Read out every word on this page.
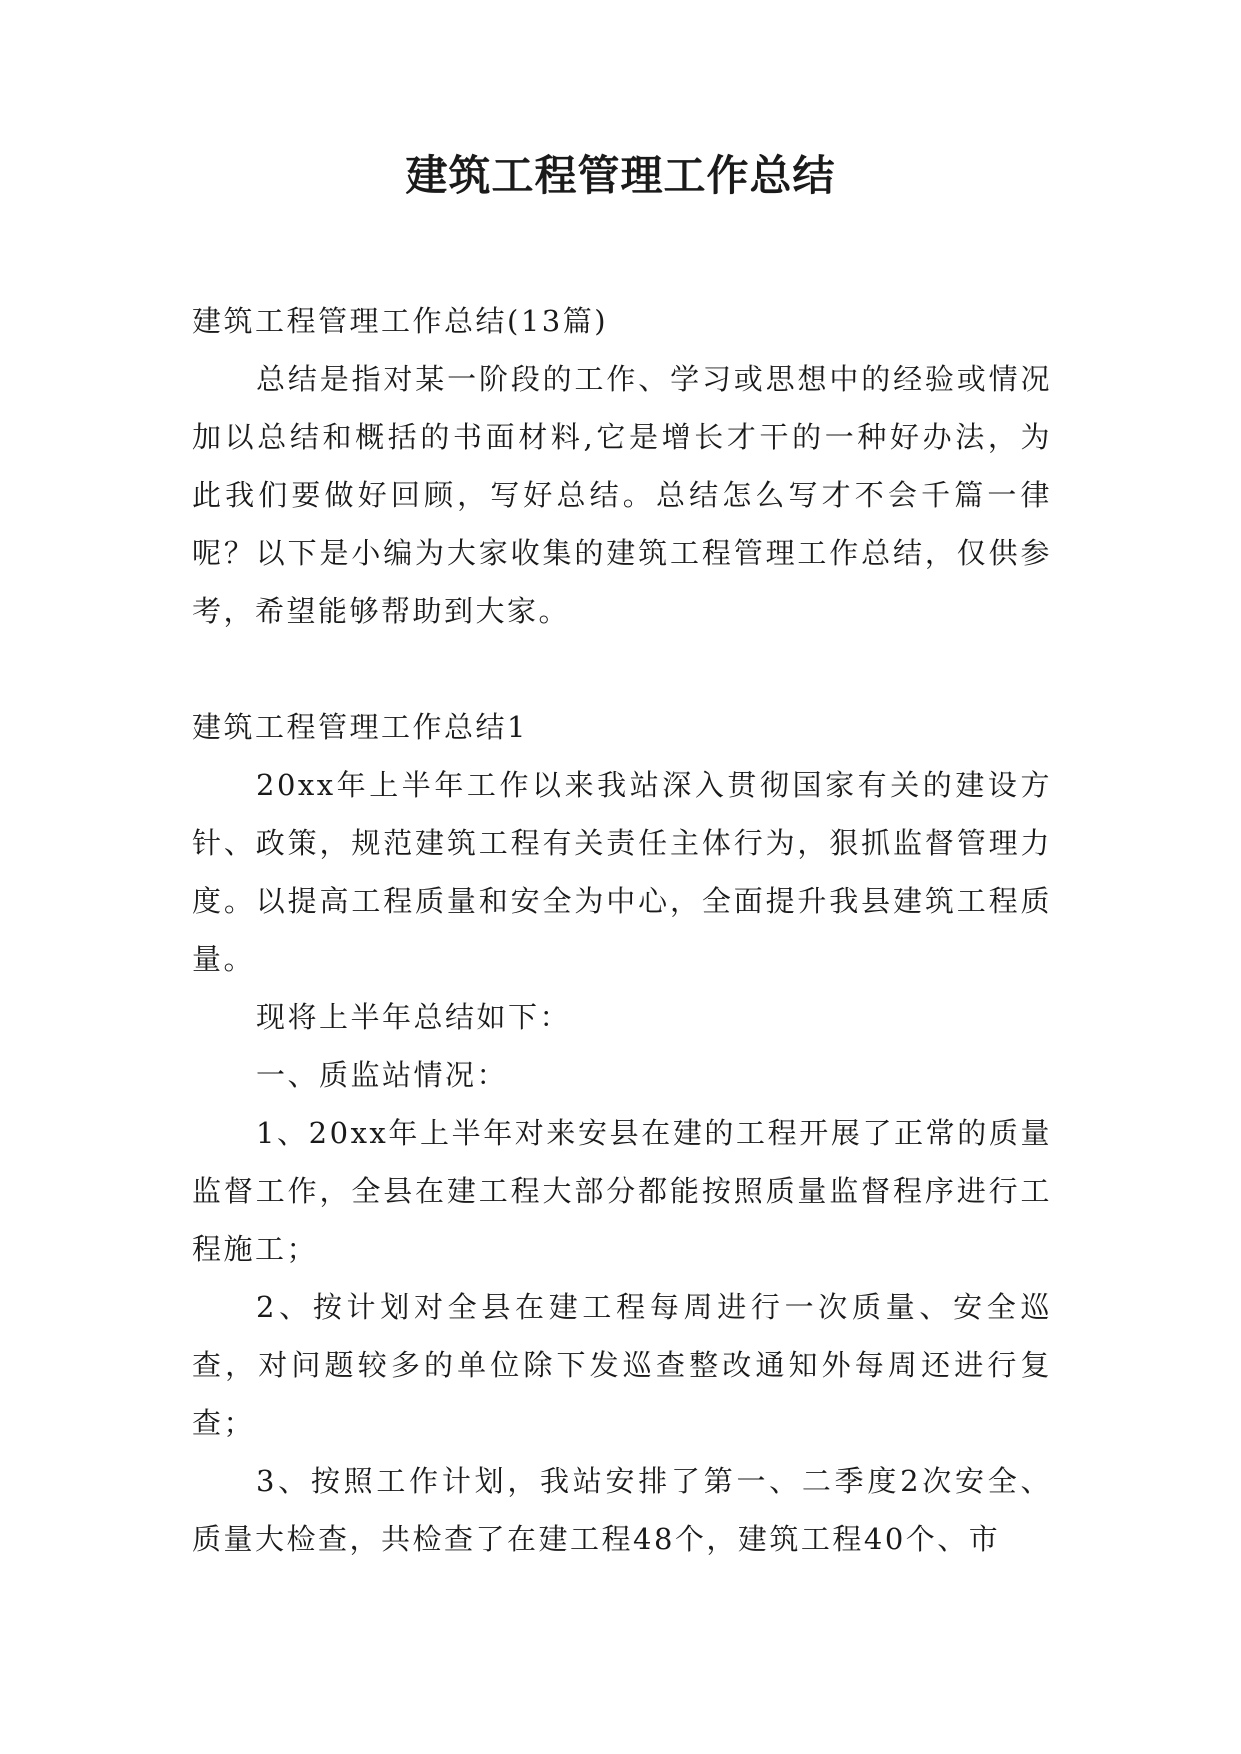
建筑工程管理工作总结

建筑工程管理工作总结(13篇)

总结是指对某一阶段的工作、学习或思想中的经验或情况加以总结和概括的书面材料,它是增长才干的一种好办法，为此我们要做好回顾，写好总结。总结怎么写才不会千篇一律呢？以下是小编为大家收集的建筑工程管理工作总结，仅供参考，希望能够帮助到大家。

建筑工程管理工作总结1

20xx年上半年工作以来我站深入贯彻国家有关的建设方针、政策，规范建筑工程有关责任主体行为，狠抓监督管理力度。以提高工程质量和安全为中心，全面提升我县建筑工程质量。

现将上半年总结如下：

一、质监站情况：

1、20xx年上半年对来安县在建的工程开展了正常的质量监督工作，全县在建工程大部分都能按照质量监督程序进行工程施工；

2、按计划对全县在建工程每周进行一次质量、安全巡查，对问题较多的单位除下发巡查整改通知外每周还进行复查；

3、按照工作计划，我站安排了第一、二季度2次安全、质量大检查，共检查了在建工程48个，建筑工程40个、市
